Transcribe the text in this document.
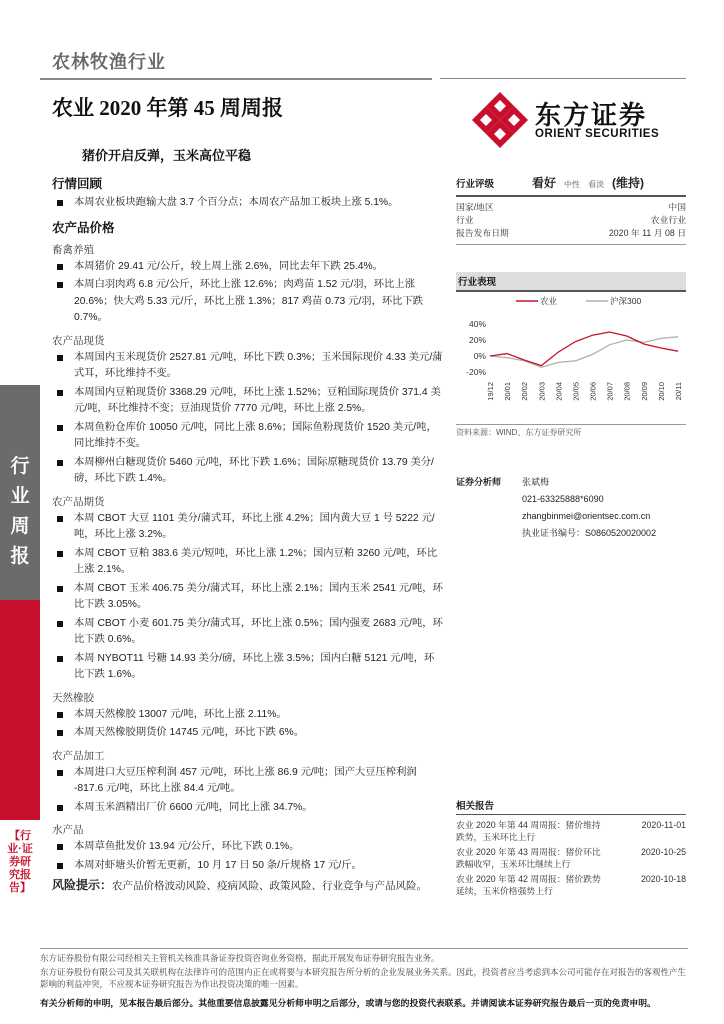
农林牧渔行业
农业 2020 年第 45 周周报
猪价开启反弹，玉米高位平稳
东方证券
ORIENT SECURITIES
行业周报
【行业·证券研究报告】
行情回顾
本周农业板块跑输大盘 3.7 个百分点；本周农产品加工板块上涨 5.1%。
农产品价格
畜禽养殖
本周猪价 29.41 元/公斤，较上周上涨 2.6%，同比去年下跌 25.4%。
本周白羽肉鸡 6.8 元/公斤，环比上涨 12.6%；肉鸡苗 1.52 元/羽，环比上涨 20.6%；快大鸡 5.33 元/斤，环比上涨 1.3%；817 鸡苗 0.73 元/羽，环比下跌 0.7%。
农产品现货
本周国内玉米现货价 2527.81 元/吨，环比下跌 0.3%；玉米国际现价 4.33 美元/蒲式耳，环比维持不变。
本周国内豆粕现货价 3368.29 元/吨，环比上涨 1.52%；豆粕国际现货价 371.4 美元/吨，环比维持不变；豆油现货价 7770 元/吨，环比上涨 2.5%。
本周鱼粉仓库价 10050 元/吨，同比上涨 8.6%；国际鱼粉现货价 1520 美元/吨，同比维持不变。
本周柳州白糖现货价 5460 元/吨，环比下跌 1.6%；国际原糖现货价 13.79 美分/磅，环比下跌 1.4%。
农产品期货
本周 CBOT 大豆 1101 美分/蒲式耳，环比上涨 4.2%；国内黄大豆 1 号 5222 元/吨，环比上涨 3.2%。
本周 CBOT 豆粕 383.6 美元/短吨，环比上涨 1.2%；国内豆粕 3260 元/吨，环比上涨 2.1%。
本周 CBOT 玉米 406.75 美分/蒲式耳，环比上涨 2.1%；国内玉米 2541 元/吨，环比下跌 3.05%。
本周 CBOT 小麦 601.75 美分/蒲式耳，环比上涨 0.5%；国内强麦 2683 元/吨，环比下跌 0.6%。
本周 NYBOT11 号糖 14.93 美分/磅，环比上涨 3.5%；国内白糖 5121 元/吨，环比下跌 1.6%。
天然橡胶
本周天然橡胶 13007 元/吨，环比上涨 2.11%。
本周天然橡胶期货价 14745 元/吨，环比下跌 6%。
农产品加工
本周进口大豆压榨利润 457 元/吨，环比上涨 86.9 元/吨；国产大豆压榨利润 -817.6 元/吨，环比上涨 84.4 元/吨。
本周玉米酒精出厂价 6600 元/吨，同比上涨 34.7%。
水产品
本周草鱼批发价 13.94 元/公斤，环比下跌 0.1%。
本周对虾塘头价暂无更新，10 月 17 日 50 条/斤规格 17 元/斤。
风险提示：农产品价格波动风险、疫病风险、政策风险、行业竞争与产品风险。
行业评级	看好 中性 看淡 (维持)
国家/地区	中国
行业	农业行业
报告发布日期	2020 年 11 月 08 日
行业表现
农业	沪深300
40%
20%
0%
-20%
19/12 20/01 20/02 20/03 20/04 20/05 20/06 20/07 20/08 20/09 20/10 20/11
资料来源：WIND、东方证券研究所
证券分析师	张斌梅
021-63325888*6090
zhangbinmei@orientsec.com.cn
执业证书编号：S0860520020002
相关报告
农业 2020 年第 44 周周报：猪价维持跌势，玉米环比上行
2020-11-01
农业 2020 年第 43 周周报：猪价环比跌幅收窄，玉米环比继续上行
2020-10-25
农业 2020 年第 42 周周报：猪价跌势延续，玉米价格强势上行
2020-10-18
东方证券股份有限公司经相关主管机关核准具备证券投资咨询业务资格，据此开展发布证券研究报告业务。
东方证券股份有限公司及其关联机构在法律许可的范围内正在或将要与本研究报告所分析的企业发展业务关系。因此，投资者应当考虑到本公司可能存在对报告的客观性产生影响的利益冲突，不应视本证券研究报告为作出投资决策的唯一因素。
有关分析师的申明，见本报告最后部分。其他重要信息披露见分析师申明之后部分，或请与您的投资代表联系。并请阅读本证券研究报告最后一页的免责申明。
